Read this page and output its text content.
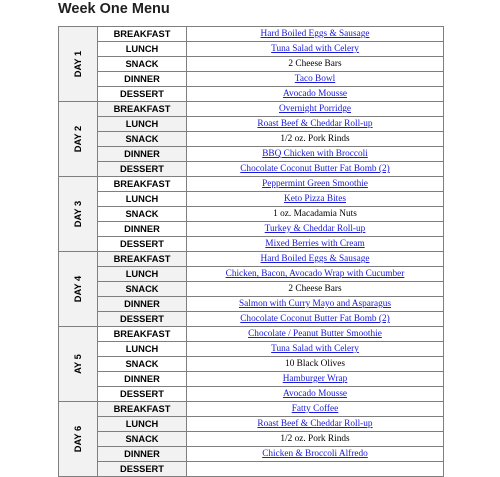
Week One Menu
DAY 1	BREAKFAST	Hard Boiled Eggs & Sausage
	LUNCH	Tuna Salad with Celery
	SNACK	2 Cheese Bars
	DINNER	Taco Bowl
	DESSERT	Avocado Mousse
DAY 2	BREAKFAST	Overnight Porridge
	LUNCH	Roast Beef & Cheddar Roll-up
	SNACK	1/2 oz. Pork Rinds
	DINNER	BBQ Chicken with Broccoli
	DESSERT	Chocolate Coconut Butter Fat Bomb (2)
DAY 3	BREAKFAST	Peppermint Green Smoothie
	LUNCH	Keto Pizza Bites
	SNACK	1 oz. Macadamia Nuts
	DINNER	Turkey & Cheddar Roll-up
	DESSERT	Mixed Berries with Cream
DAY 4	BREAKFAST	Hard Boiled Eggs & Sausage
	LUNCH	Chicken, Bacon, Avocado Wrap with Cucumber
	SNACK	2 Cheese Bars
	DINNER	Salmon with Curry Mayo and Asparagus
	DESSERT	Chocolate Coconut Butter Fat Bomb (2)
AY 5	BREAKFAST	Chocolate / Peanut Butter Smoothie
	LUNCH	Tuna Salad with Celery
	SNACK	10 Black Olives
	DINNER	Hamburger Wrap
	DESSERT	Avocado Mousse
DAY 6	BREAKFAST	Fatty Coffee
	LUNCH	Roast Beef & Cheddar Roll-up
	SNACK	1/2 oz. Pork Rinds
	DINNER	Chicken & Broccoli Alfredo
	DESSERT	
